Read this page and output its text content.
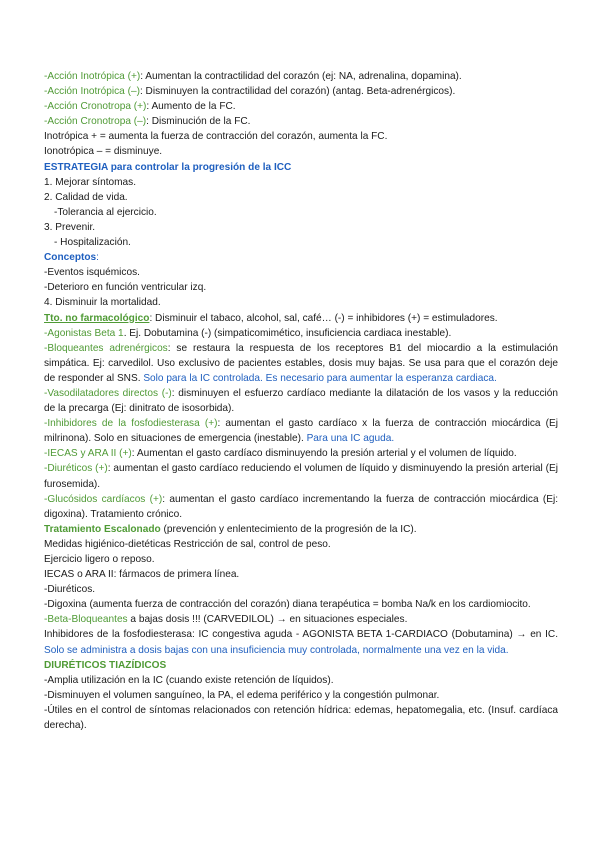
-Acción Inotrópica (+): Aumentan la contractilidad del corazón (ej: NA, adrenalina, dopamina).
-Acción Inotrópica (–): Disminuyen la contractilidad del corazón) (antag. Beta-adrenérgicos).
-Acción Cronotropa (+): Aumento de la FC.
-Acción Cronotropa (–): Disminución de la FC.
Inotrópica + = aumenta la fuerza de contracción del corazón, aumenta la FC.
Ionotrópica – = disminuye.
ESTRATEGIA para controlar la progresión de la ICC
1. Mejorar síntomas.
2. Calidad de vida.
-Tolerancia al ejercicio.
3. Prevenir.
- Hospitalización.
Conceptos:
-Eventos isquémicos.
-Deterioro en función ventricular izq.
4. Disminuir la mortalidad.
Tto. no farmacológico: Disminuir el tabaco, alcohol, sal, café… (-) = inhibidores (+) = estimuladores.
-Agonistas Beta 1. Ej. Dobutamina (-) (simpaticomimético, insuficiencia cardiaca inestable).
-Bloqueantes adrenérgicos: se restaura la respuesta de los receptores B1 del miocardio a la estimulación simpática. Ej: carvedilol. Uso exclusivo de pacientes estables, dosis muy bajas. Se usa para que el corazón deje de responder al SNS. Solo para la IC controlada. Es necesario para aumentar la esperanza cardiaca.
-Vasodilatadores directos (-): disminuyen el esfuerzo cardíaco mediante la dilatación de los vasos y la reducción de la precarga (Ej: dinitrato de isosorbida).
-Inhibidores de la fosfodiesterasa (+): aumentan el gasto cardíaco x la fuerza de contracción miocárdica (Ej milrinona). Solo en situaciones de emergencia (inestable). Para una IC aguda.
-IECAS y ARA II (+): Aumentan el gasto cardíaco disminuyendo la presión arterial y el volumen de líquido.
-Diuréticos (+): aumentan el gasto cardíaco reduciendo el volumen de líquido y disminuyendo la presión arterial (Ej furosemida).
-Glucósidos cardíacos (+): aumentan el gasto cardíaco incrementando la fuerza de contracción miocárdica (Ej: digoxina). Tratamiento crónico.
Tratamiento Escalonado (prevención y enlentecimiento de la progresión de la IC).
Medidas higiénico-dietéticas Restricción de sal, control de peso.
Ejercicio ligero o reposo.
IECAS o ARA II: fármacos de primera línea.
-Diuréticos.
-Digoxina (aumenta fuerza de contracción del corazón) diana terapéutica = bomba Na/k en los cardiomiocito.
-Beta-Bloqueantes a bajas dosis !!! (CARVEDILOL) → en situaciones especiales.
Inhibidores de la fosfodiesterasa: IC congestiva aguda - AGONISTA BETA 1-CARDIACO (Dobutamina) → en IC. Solo se administra a dosis bajas con una insuficiencia muy controlada, normalmente una vez en la vida.
DIURÉTICOS TIAZÍDICOS
-Amplia utilización en la IC (cuando existe retención de líquidos).
-Disminuyen el volumen sanguíneo, la PA, el edema periférico y la congestión pulmonar.
-Útiles en el control de síntomas relacionados con retención hídrica: edemas, hepatomegalia, etc. (Insuf. cardíaca derecha).
